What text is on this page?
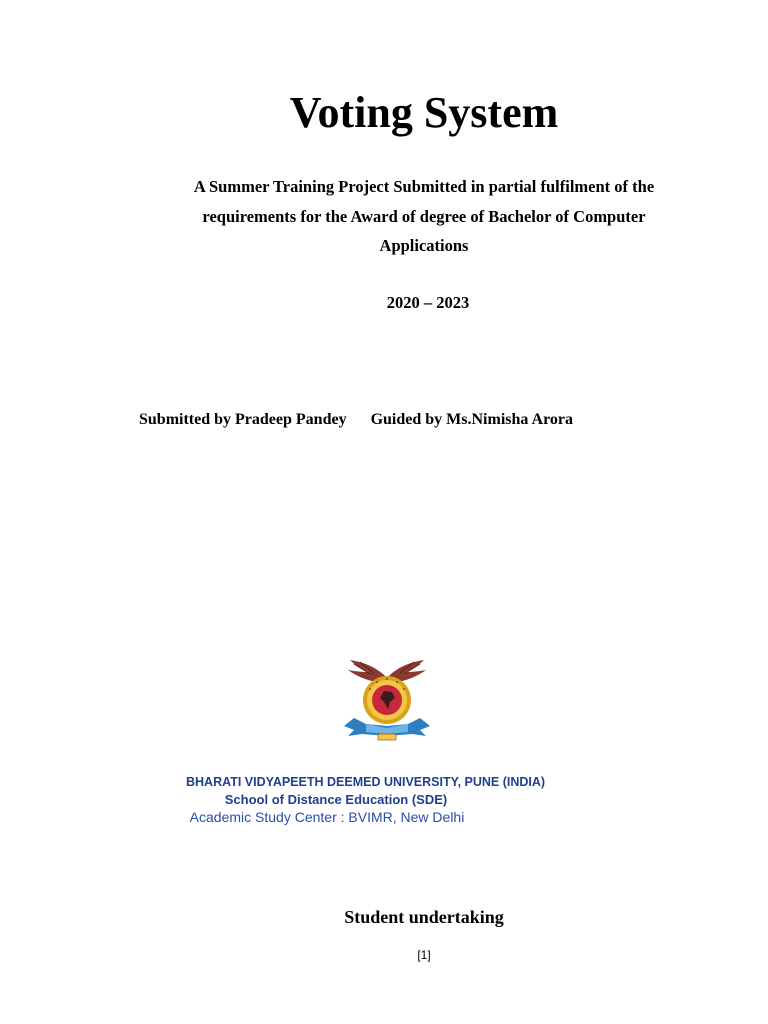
Voting System
A Summer Training Project Submitted in partial fulfilment of the
requirements for the Award of degree of Bachelor of Computer
Applications
2020 – 2023
Submitted by Pradeep Pandey Guided by Ms.Nimisha Arora
BHARATI VIDYAPEETH DEEMED UNIVERSITY, PUNE (INDIA)
School of Distance Education (SDE)
Academic Study Center : BVIMR, New Delhi
Student undertaking
[1]
